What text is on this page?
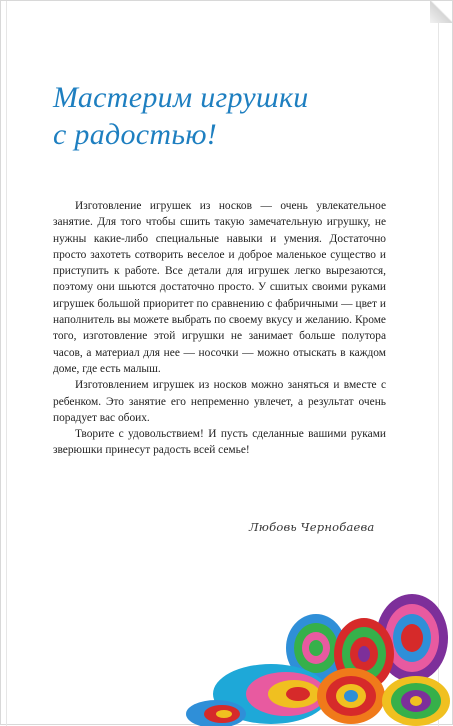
Мастерим игрушки
с радостью!

Изготовление игрушек из носков — очень увлекательное занятие. Для того чтобы сшить такую замечательную игрушку, не нужны какие-либо специальные навыки и умения. Достаточно просто захотеть сотворить веселое и доброе маленькое существо и приступить к работе. Все детали для игрушек легко вырезаются, поэтому они шьются достаточно просто. У сшитых своими руками игрушек большой приоритет по сравнению с фабричными — цвет и наполнитель вы можете выбрать по своему вкусу и желанию. Кроме того, изготовление этой игрушки не занимает больше полутора часов, а материал для нее — носочки — можно отыскать в каждом доме, где есть малыш.

Изготовлением игрушек из носков можно заняться и вместе с ребенком. Это занятие его непременно увлечет, а результат очень порадует вас обоих.

Творите с удовольствием! И пусть сделанные вашими руками зверюшки принесут радость всей семье!

Любовь Чернобаева
